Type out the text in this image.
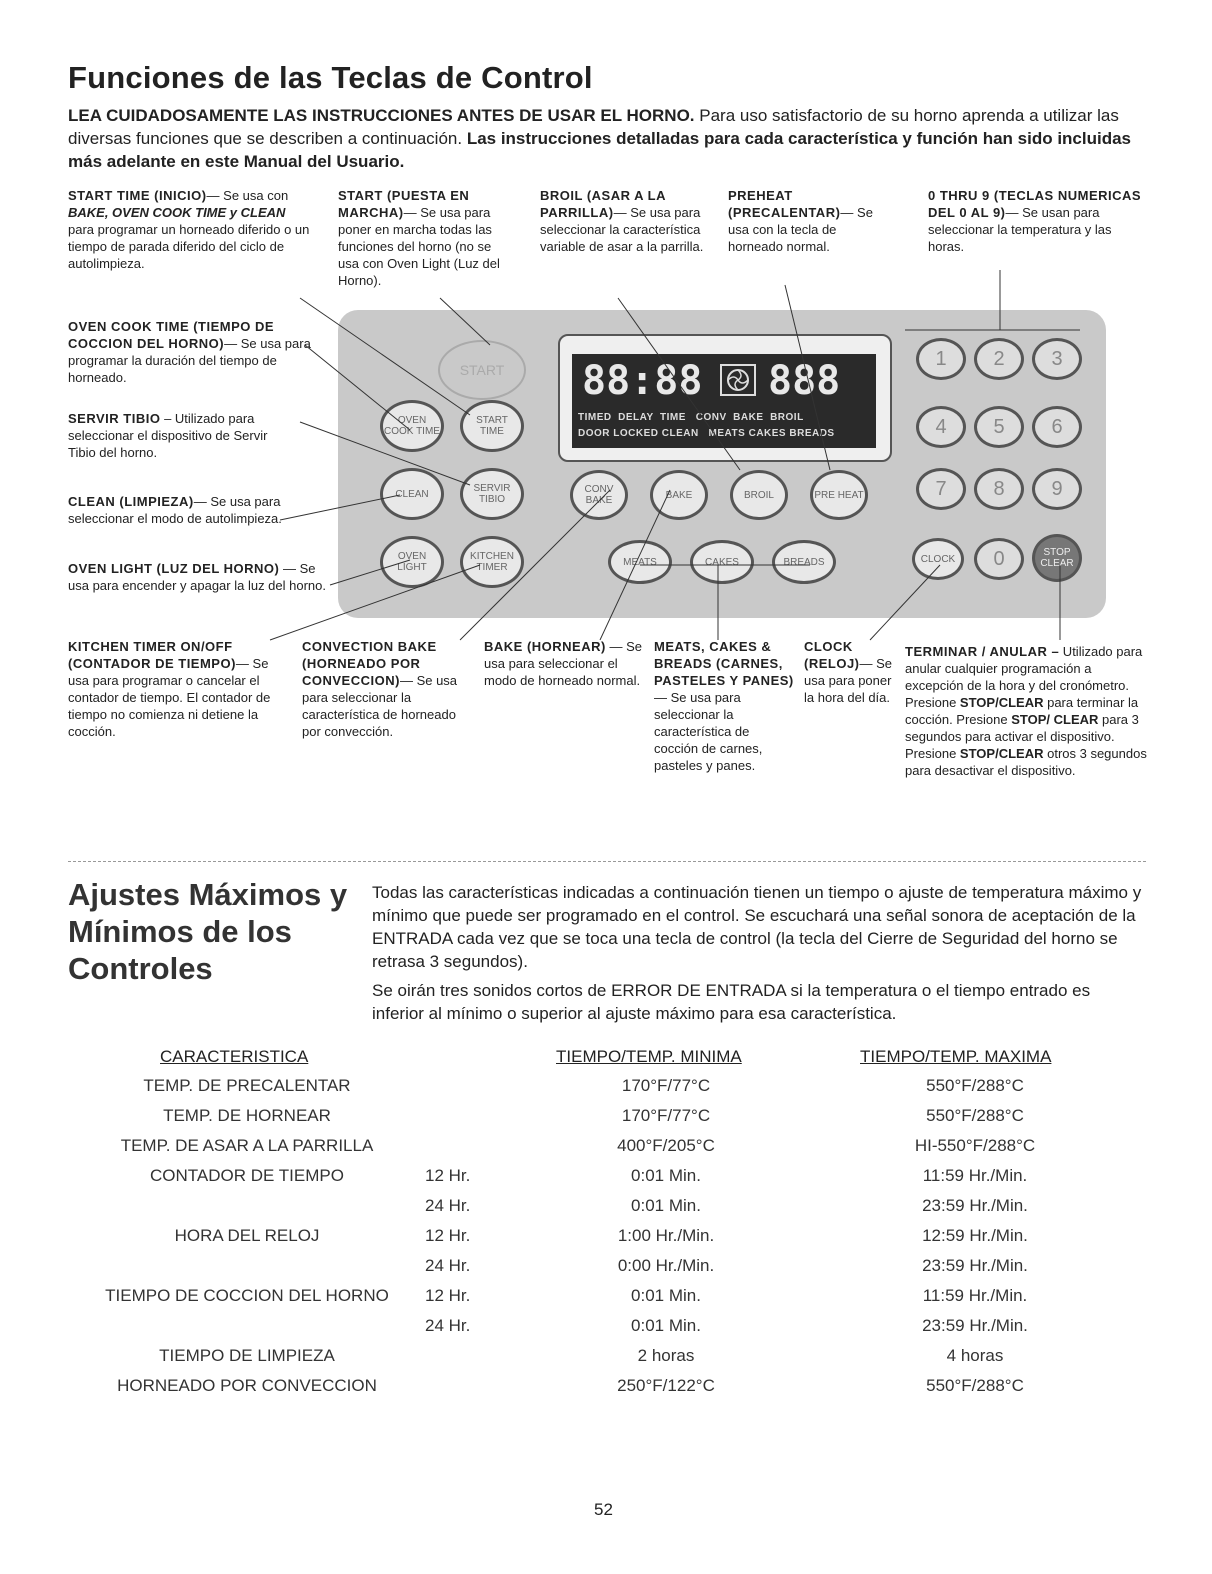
Funciones de las Teclas de Control
LEA CUIDADOSAMENTE LAS INSTRUCCIONES ANTES DE USAR EL HORNO. Para uso satisfactorio de su horno aprenda a utilizar las diversas funciones que se describen a continuación. Las instrucciones detalladas para cada característica y función han sido incluidas más adelante en este Manual del Usuario.
START TIME (INICIO)— Se usa con BAKE, OVEN COOK TIME y CLEAN para programar un horneado diferido o un tiempo de parada diferido del ciclo de autolimpieza.
START (PUESTA EN MARCHA)— Se usa para poner en marcha todas las funciones del horno (no se usa con Oven Light (Luz del Horno).
BROIL (ASAR A LA PARRILLA)— Se usa para seleccionar la característica variable de asar a la parrilla.
PREHEAT (PRECALENTAR)— Se usa con la tecla de horneado normal.
0 THRU 9 (TECLAS NUMERICAS DEL 0 AL 9)— Se usan para seleccionar la temperatura y las horas.
OVEN COOK TIME (TIEMPO DE COCCION DEL HORNO)— Se usa para programar la duración del tiempo de horneado.
SERVIR TIBIO – Utilizado para seleccionar el dispositivo de Servir Tibio del horno.
CLEAN (LIMPIEZA)— Se usa para seleccionar el modo de autolimpieza.
OVEN LIGHT (LUZ DEL HORNO) — Se usa para encender y apagar la luz del horno.
START
OVEN COOK TIME
START TIME
CLEAN	SERVIR TIBIO
OVEN LIGHT
KITCHEN TIMER
88:88 888
TIMED  DELAY  TIME   CONV  BAKE  BROIL
DOOR LOCKED CLEAN   MEATS CAKES BREADS
CONV BAKE	BAKE	BROIL	PRE HEAT
MEATS	CAKES	BREADS
1	2	3
4	5	6
7	8	9
CLOCK	0	STOP CLEAR
KITCHEN TIMER ON/OFF (CONTADOR DE TIEMPO)— Se usa para programar o cancelar el contador de tiempo. El contador de tiempo no comienza ni detiene la cocción.
CONVECTION BAKE (HORNEADO POR CONVECCION)— Se usa para seleccionar la característica de horneado por convección.
BAKE (HORNEAR) — Se usa para seleccionar el modo de horneado normal.
MEATS, CAKES & BREADS (CARNES, PASTELES Y PANES)— Se usa para seleccionar la característica de cocción de carnes, pasteles y panes.
CLOCK (RELOJ)— Se usa para poner la hora del día.
TERMINAR / ANULAR – Utilizado para anular cualquier programación a excepción de la hora y del cronómetro. Presione STOP/CLEAR para terminar la cocción. Presione STOP/ CLEAR para 3 segundos para activar el dispositivo. Presione STOP/CLEAR otros 3 segundos para desactivar el dispositivo.
Ajustes Máximos y Mínimos de los Controles
Todas las características indicadas a continuación tienen un tiempo o ajuste de temperatura máximo y mínimo que puede ser programado en el control. Se escuchará una señal sonora de aceptación de la ENTRADA cada vez que se toca una tecla de control (la tecla del Cierre de Seguridad del horno se retrasa 3 segundos).
Se oirán tres sonidos cortos de ERROR DE ENTRADA si la temperatura o el tiempo entrado es inferior al mínimo o superior al ajuste máximo para esa característica.
CARACTERISTICA	TIEMPO/TEMP. MINIMA	TIEMPO/TEMP. MAXIMA
TEMP. DE PRECALENTAR	170°F/77°C	550°F/288°C
TEMP. DE HORNEAR	170°F/77°C	550°F/288°C
TEMP. DE ASAR A LA PARRILLA	400°F/205°C	HI-550°F/288°C
CONTADOR DE TIEMPO	12 Hr.	0:01 Min.	11:59 Hr./Min.
24 Hr.	0:01 Min.	23:59 Hr./Min.
HORA DEL RELOJ	12 Hr.	1:00 Hr./Min.	12:59 Hr./Min.
24 Hr.	0:00 Hr./Min.	23:59 Hr./Min.
TIEMPO DE COCCION DEL HORNO	12 Hr.	0:01 Min.	11:59 Hr./Min.
24 Hr.	0:01 Min.	23:59 Hr./Min.
TIEMPO DE LIMPIEZA	2 horas	4 horas
HORNEADO POR CONVECCION	250°F/122°C	550°F/288°C
52
